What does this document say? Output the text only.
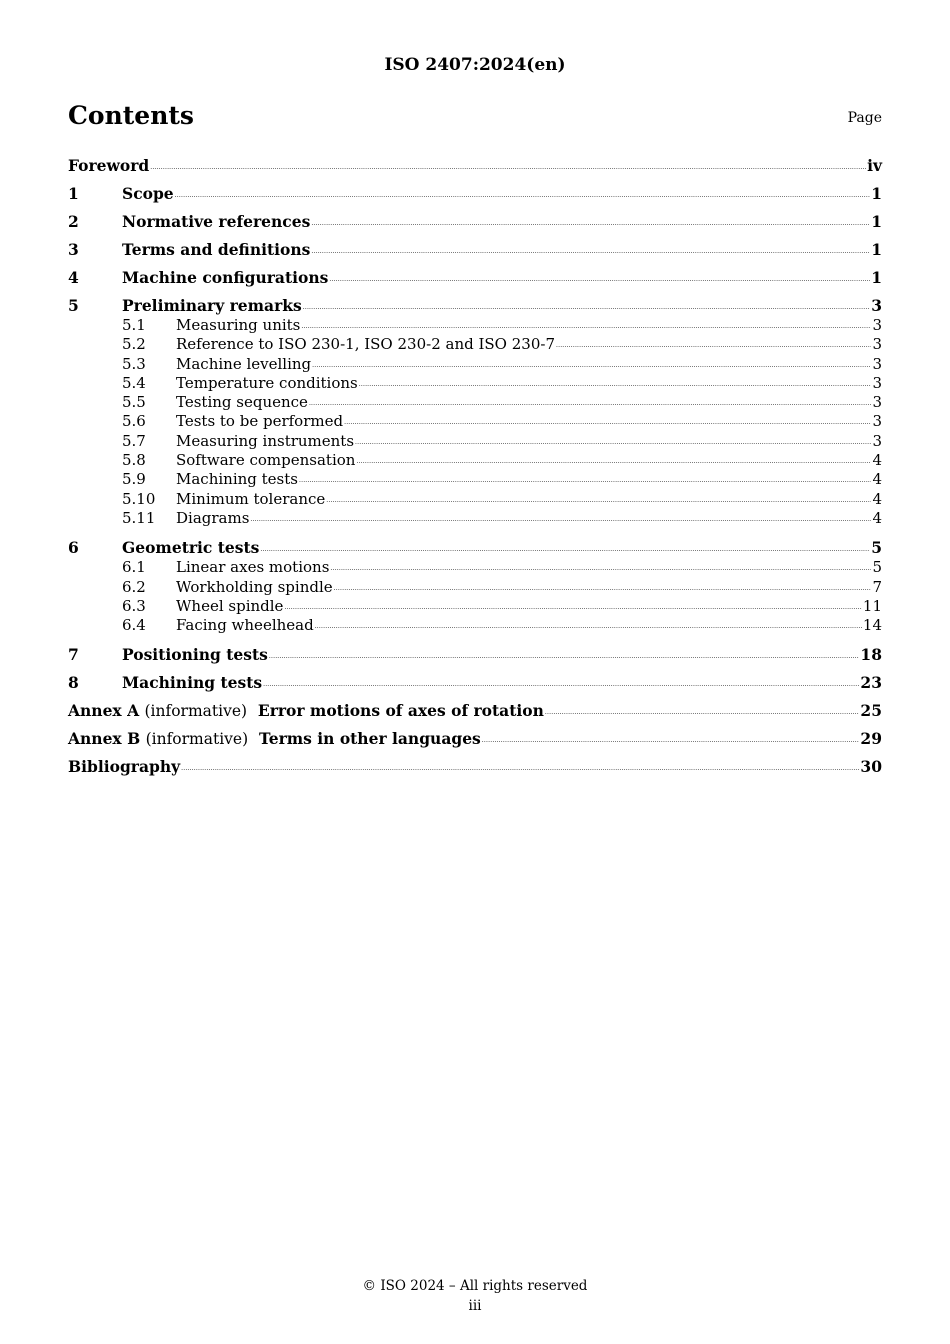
ISO 2407:2024(en)
Contents	Page
Foreword .....	iv
1	Scope .....	1
2	Normative references .....	1
3	Terms and definitions .....	1
4	Machine configurations .....	1
5	Preliminary remarks .....	3
5.1	Measuring units .....	3
5.2	Reference to ISO 230-1, ISO 230-2 and ISO 230-7 .....	3
5.3	Machine levelling .....	3
5.4	Temperature conditions .....	3
5.5	Testing sequence .....	3
5.6	Tests to be performed .....	3
5.7	Measuring instruments .....	3
5.8	Software compensation .....	4
5.9	Machining tests .....	4
5.10	Minimum tolerance .....	4
5.11	Diagrams .....	4
6	Geometric tests .....	5
6.1	Linear axes motions .....	5
6.2	Workholding spindle .....	7
6.3	Wheel spindle .....	11
6.4	Facing wheelhead .....	14
7	Positioning tests .....	18
8	Machining tests .....	23
Annex A (informative) Error motions of axes of rotation .....	25
Annex B (informative) Terms in other languages .....	29
Bibliography .....	30
© ISO 2024 – All rights reserved
iii
